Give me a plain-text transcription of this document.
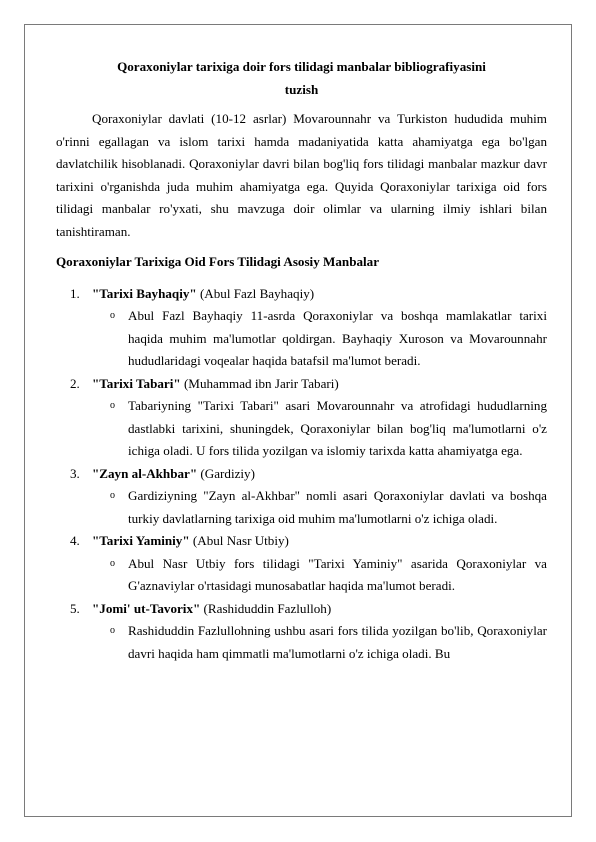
Qoraxoniylar tarixiga doir fors tilidagi manbalar bibliografiyasini
tuzish

Qoraxoniylar davlati (10-12 asrlar) Movarounnahr va Turkiston hududida muhim o'rinni egallagan va islom tarixi hamda madaniyatida katta ahamiyatga ega bo'lgan davlatchilik hisoblanadi. Qoraxoniylar davri bilan bog'liq fors tilidagi manbalar mazkur davr tarixini o'rganishda juda muhim ahamiyatga ega. Quyida Qoraxoniylar tarixiga oid fors tilidagi manbalar ro'yxati, shu mavzuga doir olimlar va ularning ilmiy ishlari bilan tanishtiraman.

Qoraxoniylar Tarixiga Oid Fors Tilidagi Asosiy Manbalar
1. "Tarixi Bayhaqiy" (Abul Fazl Bayhaqiy)
o Abul Fazl Bayhaqiy 11-asrda Qoraxoniylar va boshqa mamlakatlar tarixi haqida muhim ma'lumotlar qoldirgan. Bayhaqiy Xuroson va Movarounnahr hududlaridagi voqealar haqida batafsil ma'lumot beradi.
2. "Tarixi Tabari" (Muhammad ibn Jarir Tabari)
o Tabariyning "Tarixi Tabari" asari Movarounnahr va atrofidagi hududlarning dastlabki tarixini, shuningdek, Qoraxoniylar bilan bog'liq ma'lumotlarni o'z ichiga oladi. U fors tilida yozilgan va islomiy tarixda katta ahamiyatga ega.
3. "Zayn al-Akhbar" (Gardiziy)
o Gardiziyning "Zayn al-Akhbar" nomli asari Qoraxoniylar davlati va boshqa turkiy davlatlarning tarixiga oid muhim ma'lumotlarni o'z ichiga oladi.
4. "Tarixi Yaminiy" (Abul Nasr Utbiy)
o Abul Nasr Utbiy fors tilidagi "Tarixi Yaminiy" asarida Qoraxoniylar va G'aznaviylar o'rtasidagi munosabatlar haqida ma'lumot beradi.
5. "Jomi' ut-Tavorix" (Rashiduddin Fazlulloh)
o Rashiduddin Fazlullohning ushbu asari fors tilida yozilgan bo'lib, Qoraxoniylar davri haqida ham qimmatli ma'lumotlarni o'z ichiga oladi. Bu
